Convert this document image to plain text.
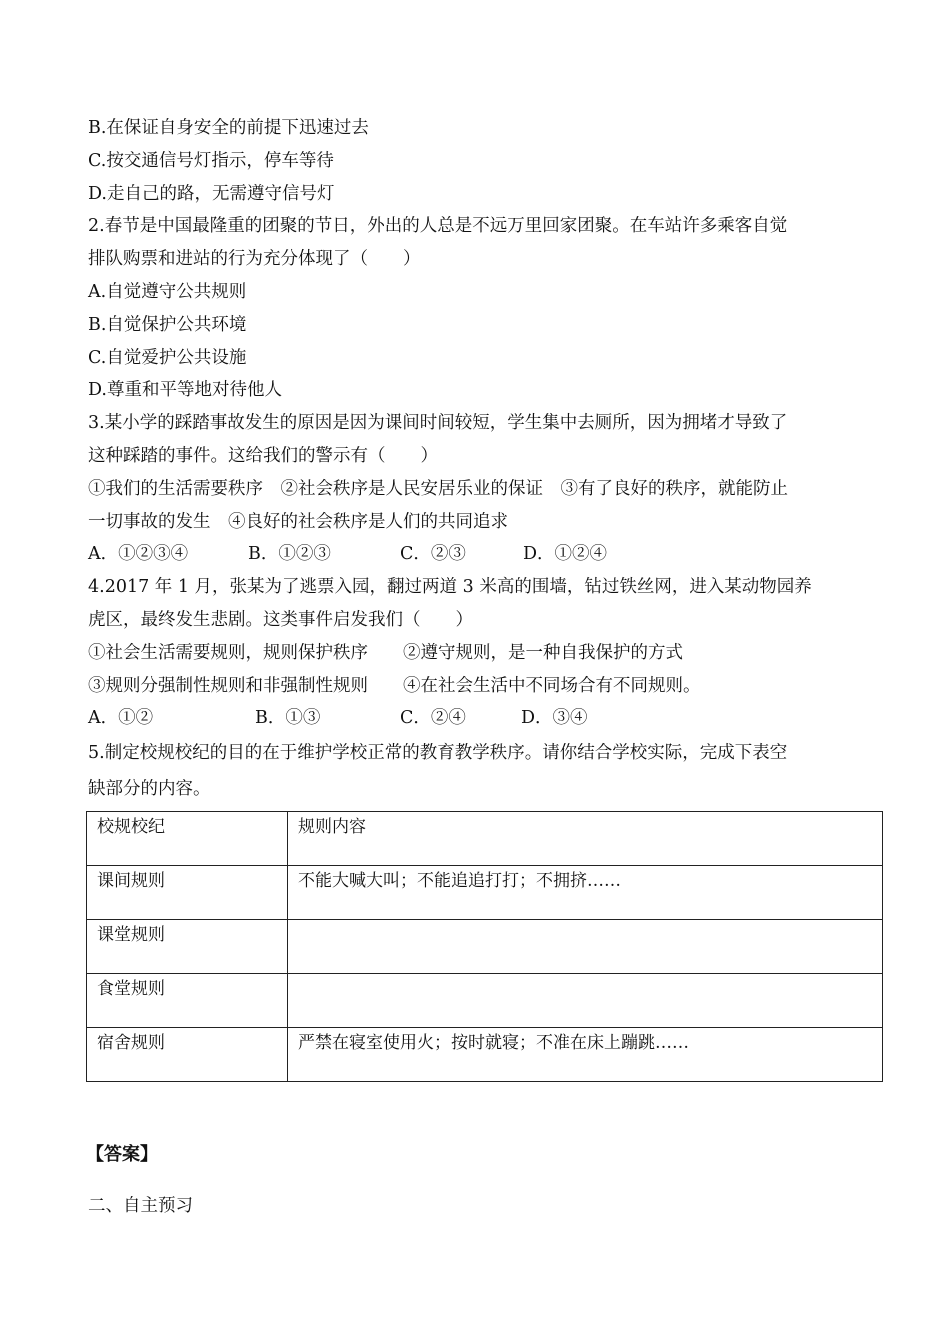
B.在保证自身安全的前提下迅速过去
C.按交通信号灯指示，停车等待
D.走自己的路，无需遵守信号灯
2.春节是中国最隆重的团聚的节日，外出的人总是不远万里回家团聚。在车站许多乘客自觉
排队购票和进站的行为充分体现了（　　）
A.自觉遵守公共规则
B.自觉保护公共环境
C.自觉爱护公共设施
D.尊重和平等地对待他人
3.某小学的踩踏事故发生的原因是因为课间时间较短，学生集中去厕所，因为拥堵才导致了
这种踩踏的事件。这给我们的警示有（　　）
①我们的生活需要秩序　②社会秩序是人民安居乐业的保证　③有了良好的秩序，就能防止
一切事故的发生　④良好的社会秩序是人们的共同追求
A．①②③④	B．①②③	C．②③	D．①②④
4.2017 年 1 月，张某为了逃票入园，翻过两道 3 米高的围墙，钻过铁丝网，进入某动物园养
虎区，最终发生悲剧。这类事件启发我们（　　）
①社会生活需要规则，规则保护秩序　　②遵守规则，是一种自我保护的方式
③规则分强制性规则和非强制性规则　　④在社会生活中不同场合有不同规则。
A．①②	B．①③	C．②④	D．③④
5.制定校规校纪的目的在于维护学校正常的教育教学秩序。请你结合学校实际，完成下表空
缺部分的内容。
校规校纪	规则内容
课间规则	不能大喊大叫；不能追追打打；不拥挤……
课堂规则	
食堂规则	
宿舍规则	严禁在寝室使用火；按时就寝；不准在床上蹦跳……
【答案】
二、自主预习
